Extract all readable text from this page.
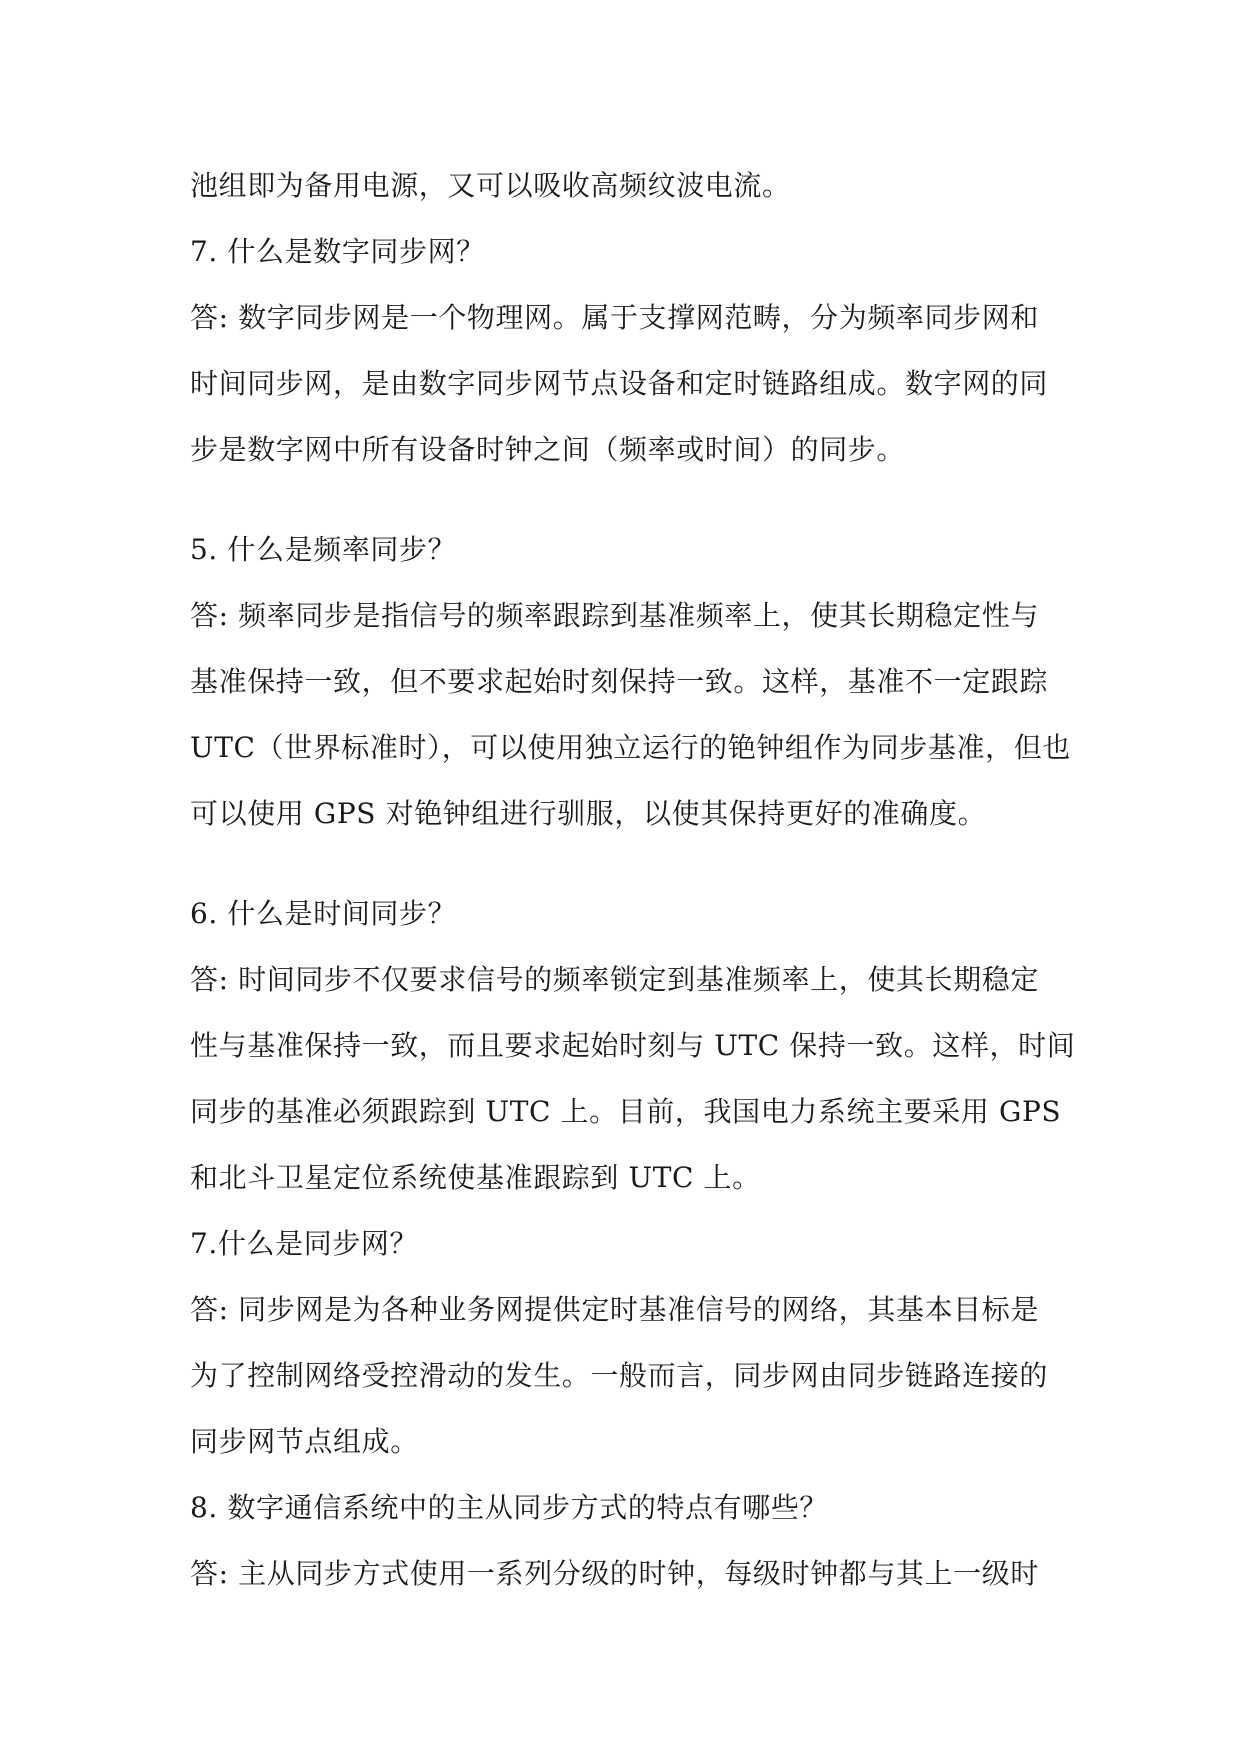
池组即为备用电源，又可以吸收高频纹波电流。
7. 什么是数字同步网？
答: 数字同步网是一个物理网。属于支撑网范畴，分为频率同步网和
时间同步网，是由数字同步网节点设备和定时链路组成。数字网的同
步是数字网中所有设备时钟之间（频率或时间）的同步。
5. 什么是频率同步？
答: 频率同步是指信号的频率跟踪到基准频率上，使其长期稳定性与
基准保持一致，但不要求起始时刻保持一致。这样，基准不一定跟踪
UTC（世界标准时），可以使用独立运行的铯钟组作为同步基准，但也
可以使用 GPS 对铯钟组进行驯服，以使其保持更好的准确度。
6. 什么是时间同步？
答: 时间同步不仅要求信号的频率锁定到基准频率上，使其长期稳定
性与基准保持一致，而且要求起始时刻与 UTC 保持一致。这样，时间
同步的基准必须跟踪到 UTC 上。目前，我国电力系统主要采用 GPS
和北斗卫星定位系统使基准跟踪到 UTC 上。
7.什么是同步网？
答: 同步网是为各种业务网提供定时基准信号的网络，其基本目标是
为了控制网络受控滑动的发生。一般而言，同步网由同步链路连接的
同步网节点组成。
8. 数字通信系统中的主从同步方式的特点有哪些？
答: 主从同步方式使用一系列分级的时钟，每级时钟都与其上一级时
